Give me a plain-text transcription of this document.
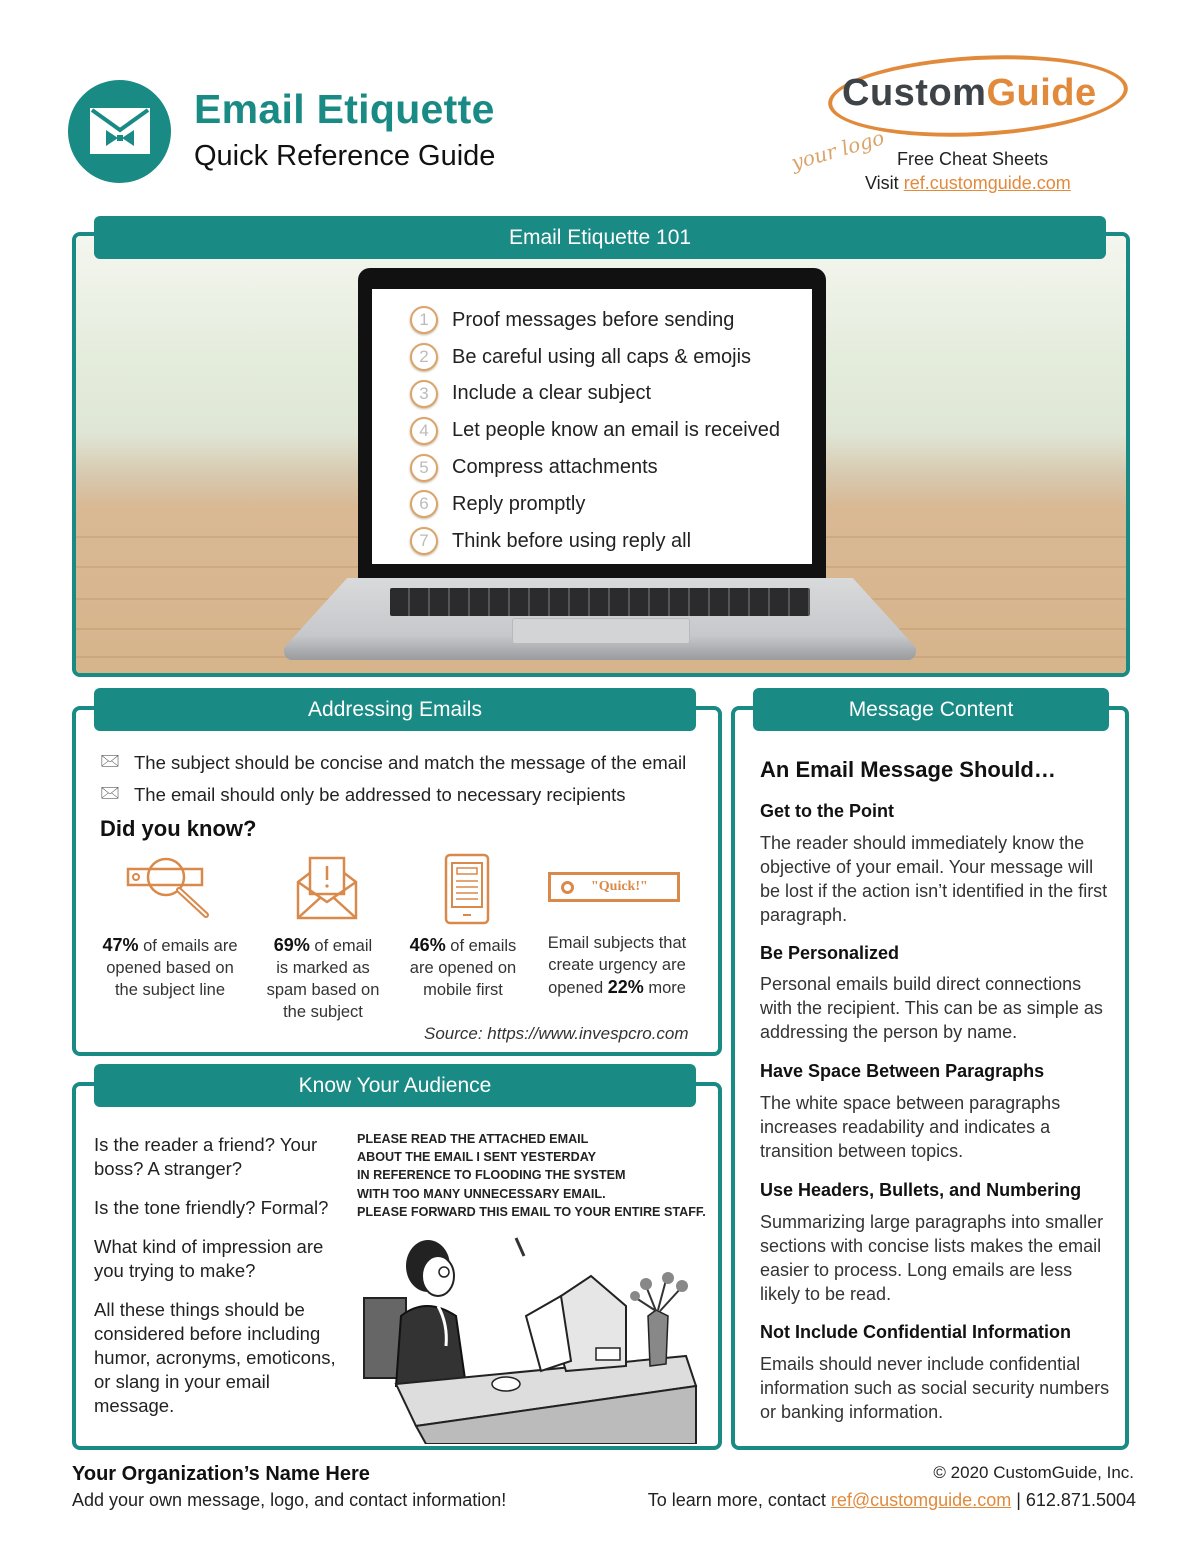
Email Etiquette
Quick Reference Guide
CustomGuide
your logo Free Cheat Sheets
Visit ref.customguide.com
Email Etiquette 101
1	Proof messages before sending
2	Be careful using all caps & emojis
3	Include a clear subject
4	Let people know an email is received
5	Compress attachments
6	Reply promptly
7	Think before using reply all
Addressing Emails
🖂 The subject should be concise and match the message of the email
🖂 The email should only be addressed to necessary recipients
Did you know?
"Quick!"
47% of emails are
opened based on
the subject line
69% of email
is marked as
spam based on
the subject
46% of emails
are opened on
mobile first
Email subjects that
create urgency are
opened 22% more
Source: https://www.invespcro.com
Know Your Audience
Is the reader a friend? Your boss? A stranger?
Is the tone friendly? Formal?
What kind of impression are you trying to make?
All these things should be considered before including humor, acronyms, emoticons, or slang in your email message.
PLEASE READ THE ATTACHED EMAIL
ABOUT THE EMAIL I SENT YESTERDAY
IN REFERENCE TO FLOODING THE SYSTEM
WITH TOO MANY UNNECESSARY EMAIL.
PLEASE FORWARD THIS EMAIL TO YOUR ENTIRE STAFF.
Message Content
An Email Message Should…
Get to the Point
The reader should immediately know the objective of your email. Your message will be lost if the action isn’t identified in the first paragraph.
Be Personalized
Personal emails build direct connections with the recipient. This can be as simple as addressing the person by name.
Have Space Between Paragraphs
The white space between paragraphs increases readability and indicates a transition between topics.
Use Headers, Bullets, and Numbering
Summarizing large paragraphs into smaller sections with concise lists makes the email easier to process. Long emails are less likely to be read.
Not Include Confidential Information
Emails should never include confidential information such as social security numbers or banking information.
Your Organization’s Name Here
Add your own message, logo, and contact information!
© 2020 CustomGuide, Inc.
To learn more, contact ref@customguide.com | 612.871.5004
